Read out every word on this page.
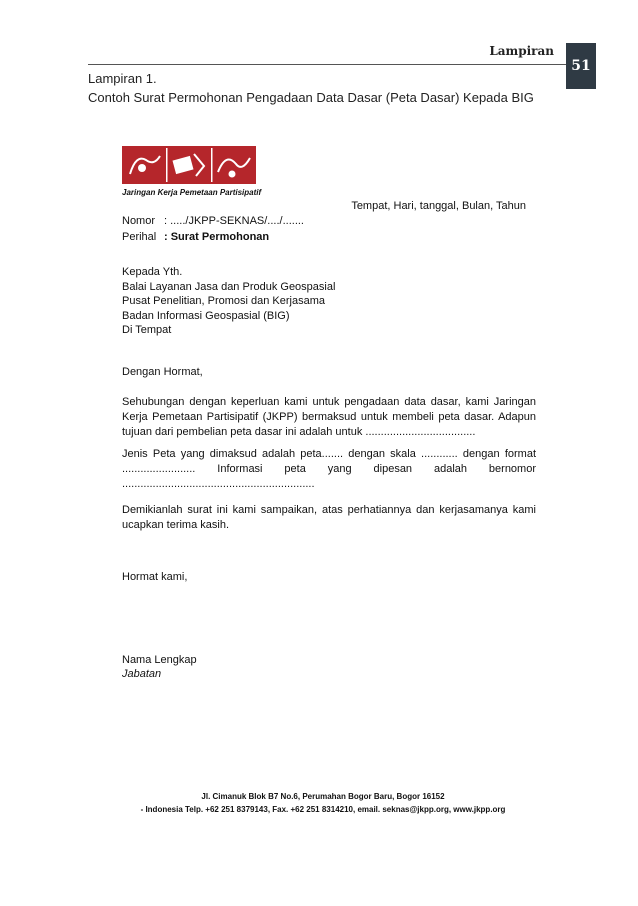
Lampiran
51
Lampiran 1.
Contoh Surat Permohonan Pengadaan Data Dasar (Peta Dasar) Kepada BIG
Jaringan Kerja Pemetaan Partisipatif
Tempat, Hari, tanggal, Bulan, Tahun
Nomor : ...../JKPP-SEKNAS/..../.......
Perihal : Surat Permohonan
Kepada Yth.
Balai Layanan Jasa dan Produk Geospasial
Pusat Penelitian, Promosi dan Kerjasama
Badan Informasi Geospasial (BIG)
Di Tempat
Dengan Hormat,
Sehubungan dengan keperluan kami untuk pengadaan data dasar, kami Jaringan Kerja Pemetaan Partisipatif (JKPP) bermaksud untuk membeli peta dasar. Adapun tujuan dari pembelian peta dasar ini adalah untuk ....................................
Jenis Peta yang dimaksud adalah peta....... dengan skala ............ dengan format ........................ Informasi peta yang dipesan adalah bernomor ...............................................................
Demikianlah surat ini kami sampaikan, atas perhatiannya dan kerjasamanya kami ucapkan terima kasih.
Hormat kami,
Nama Lengkap
Jabatan
Jl. Cimanuk Blok B7 No.6, Perumahan Bogor Baru, Bogor 16152
- Indonesia Telp. +62 251 8379143, Fax. +62 251 8314210, email. seknas@jkpp.org, www.jkpp.org
